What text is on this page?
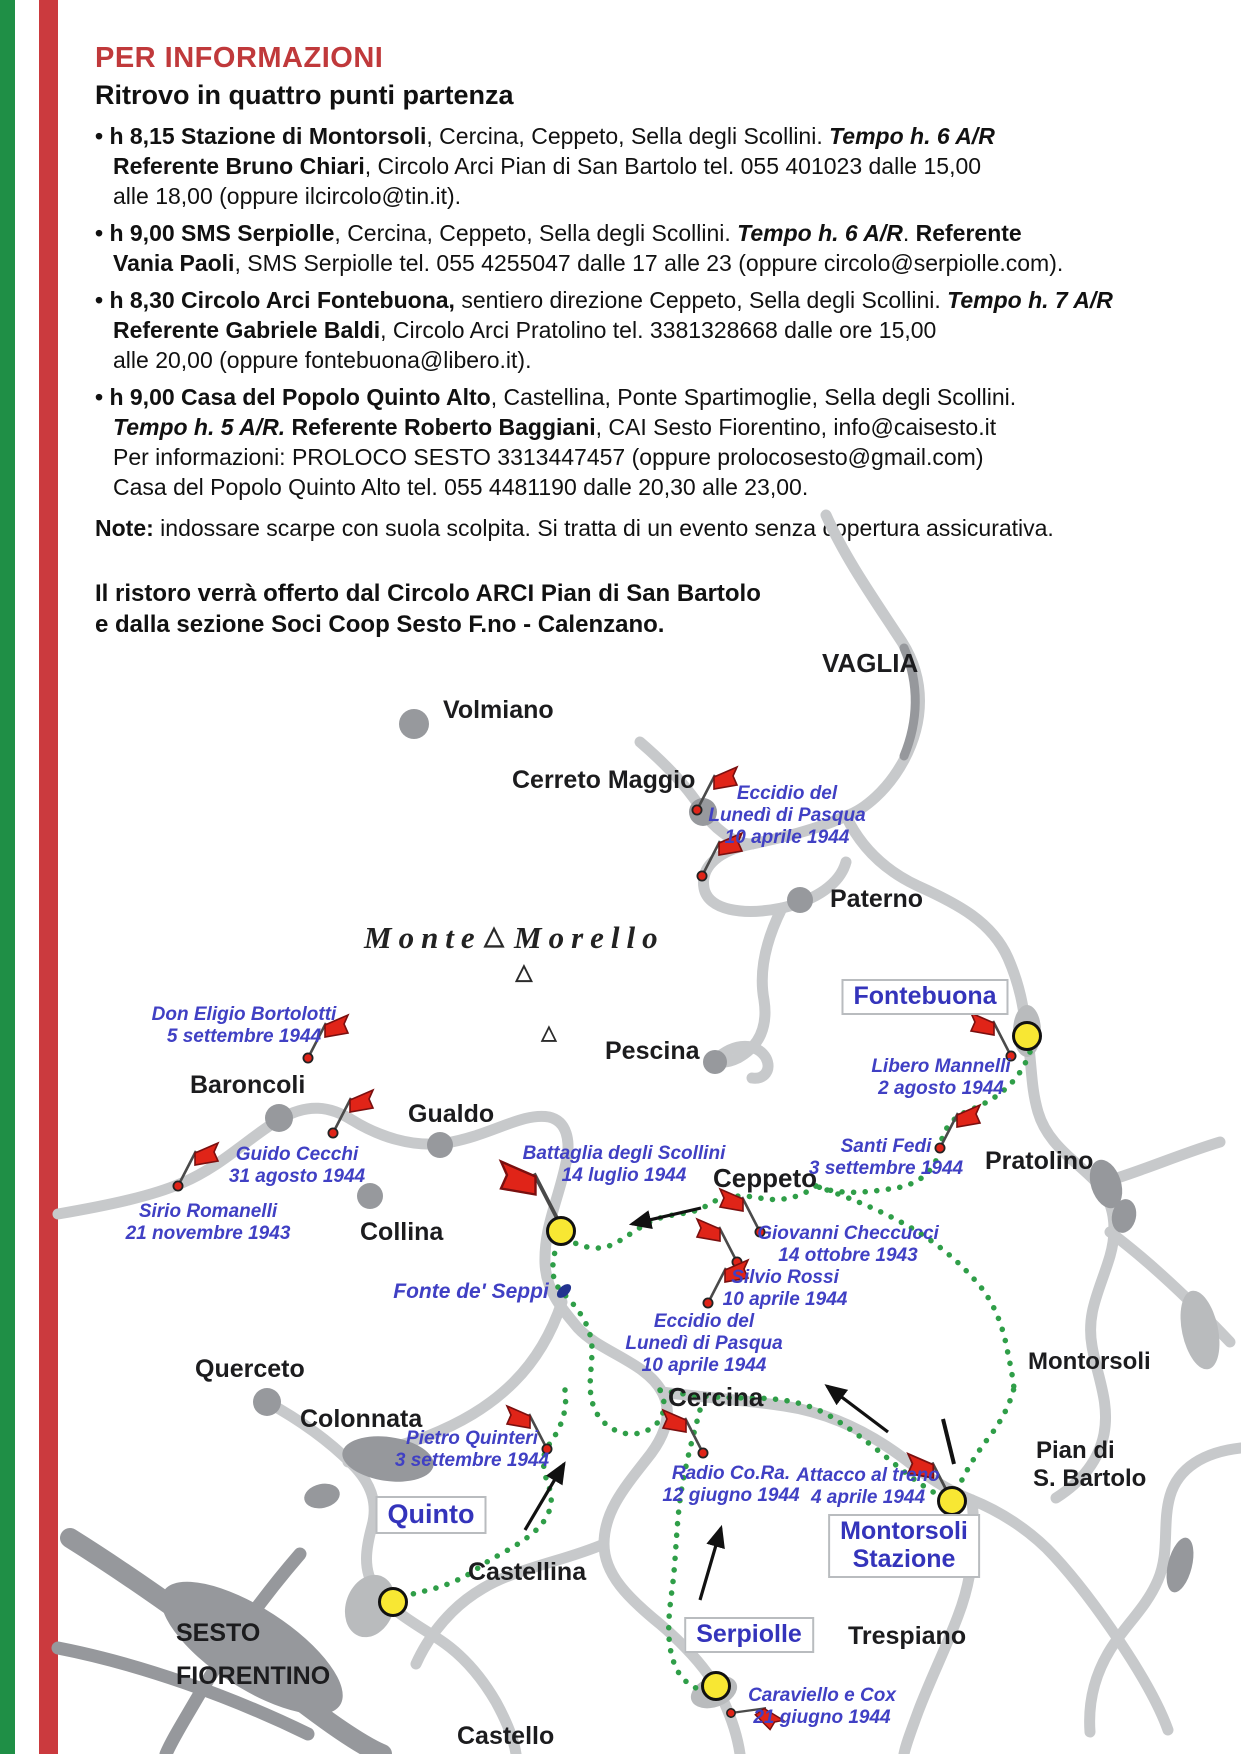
PER INFORMAZIONI
Ritrovo in quattro punti partenza
• h 8,15 Stazione di Montorsoli, Cercina, Ceppeto, Sella degli Scollini. Tempo h. 6 A/R
Referente Bruno Chiari, Circolo Arci Pian di San Bartolo tel. 055 401023 dalle 15,00
alle 18,00 (oppure ilcircolo@tin.it).
• h 9,00 SMS Serpiolle, Cercina, Ceppeto, Sella degli Scollini. Tempo h. 6 A/R. Referente
Vania Paoli, SMS Serpiolle tel. 055 4255047 dalle 17 alle 23 (oppure circolo@serpiolle.com).
• h 8,30 Circolo Arci Fontebuona, sentiero direzione Ceppeto, Sella degli Scollini. Tempo h. 7 A/R
Referente Gabriele Baldi, Circolo Arci Pratolino tel. 3381328668 dalle ore 15,00
alle 20,00 (oppure fontebuona@libero.it).
• h 9,00 Casa del Popolo Quinto Alto, Castellina, Ponte Spartimoglie, Sella degli Scollini.
Tempo h. 5 A/R. Referente Roberto Baggiani, CAI Sesto Fiorentino, info@caisesto.it
Per informazioni: PROLOCO SESTO 3313447457 (oppure prolocosesto@gmail.com)
Casa del Popolo Quinto Alto tel. 055 4481190 dalle 20,30 alle 23,00.
Note: indossare scarpe con suola scolpita. Si tratta di un evento senza copertura assicurativa.
Il ristoro verrà offerto dal Circolo ARCI Pian di San Bartolo
e dalla sezione Soci Coop Sesto F.no - Calenzano.
VAGLIA
Volmiano
Cerreto Maggio
Paterno
Pescina
Baroncoli
Gualdo
Pratolino
Ceppeto
Collina
Querceto
Colonnata
Cercina
Montorsoli
Pian di
S. Bartolo
Castellina
SESTO
FIORENTINO
Castello
Trespiano
Monte Morello
△
△
△
Fonte de' Seppi
Eccidio del
Lunedì di Pasqua
10 aprile 1944
Libero Mannelli
2 agosto 1944
Santi Fedi
3 settembre 1944
Don Eligio Bortolotti
5 settembre 1944
Guido Cecchi
31 agosto 1944
Sirio Romanelli
21 novembre 1943
Battaglia degli Scollini
14 luglio 1944
Giovanni Checcucci
14 ottobre 1943
Silvio Rossi
10 aprile 1944
Eccidio del
Lunedì di Pasqua
10 aprile 1944
Pietro Quinteri
3 settembre 1944
Radio Co.Ra.
12 giugno 1944
Attacco al treno
4 aprile 1944
Caraviello e Cox
21 giugno 1944
Fontebuona
Quinto
Montorsoli
Stazione
Serpiolle
